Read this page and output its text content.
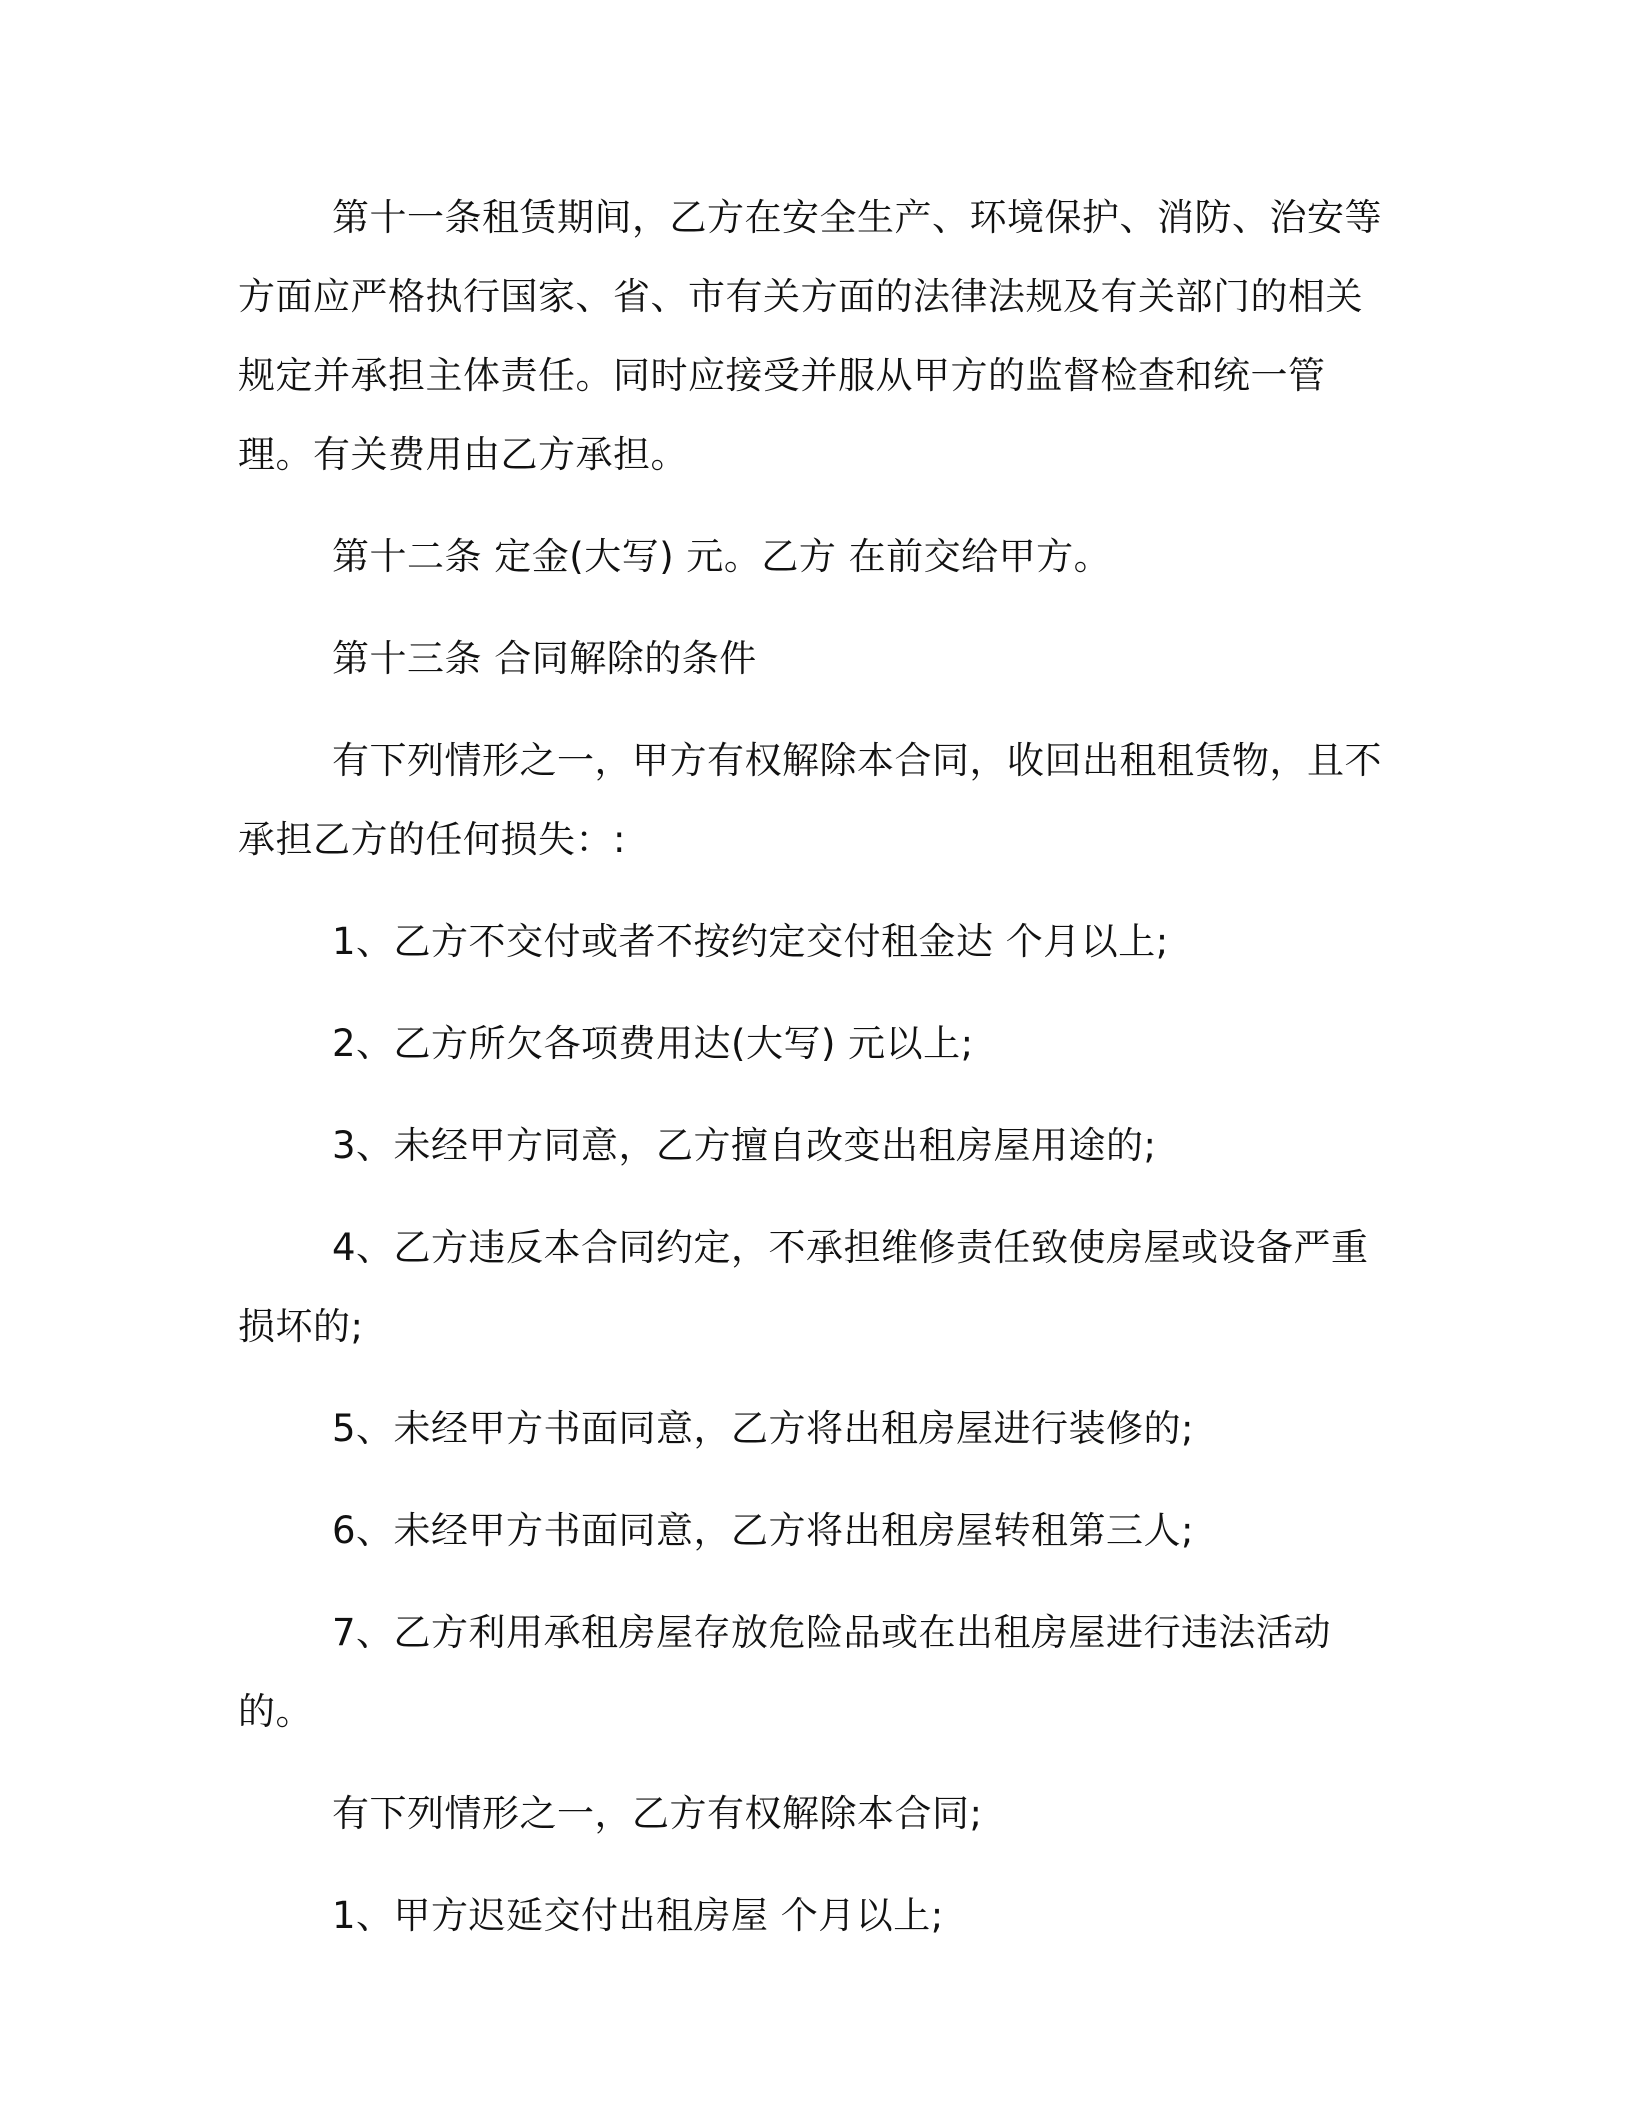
第十一条租赁期间，乙方在安全生产、环境保护、消防、治安等方面应严格执行国家、省、市有关方面的法律法规及有关部门的相关规定并承担主体责任。同时应接受并服从甲方的监督检查和统一管理。有关费用由乙方承担。

第十二条 定金(大写) 元。乙方 在前交给甲方。

第十三条 合同解除的条件

有下列情形之一，甲方有权解除本合同，收回出租租赁物，且不承担乙方的任何损失：:

1、乙方不交付或者不按约定交付租金达 个月以上;

2、乙方所欠各项费用达(大写) 元以上;

3、未经甲方同意，乙方擅自改变出租房屋用途的;

4、乙方违反本合同约定，不承担维修责任致使房屋或设备严重损坏的;

5、未经甲方书面同意，乙方将出租房屋进行装修的;

6、未经甲方书面同意，乙方将出租房屋转租第三人;

7、乙方利用承租房屋存放危险品或在出租房屋进行违法活动的。

有下列情形之一，乙方有权解除本合同;

1、甲方迟延交付出租房屋 个月以上;
